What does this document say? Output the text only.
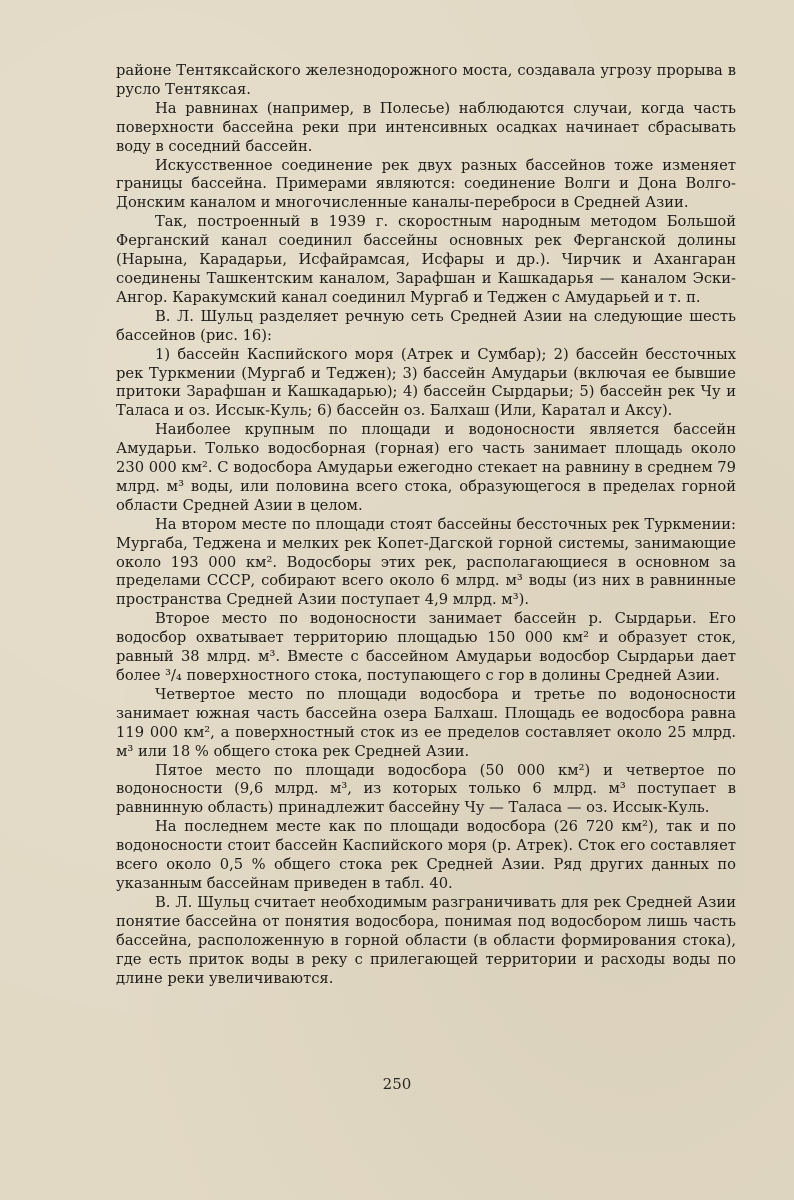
районе Тентяксайского железнодорожного моста, создавала угрозу прорыва в русло Тентяксая.

На равнинах (например, в Полесье) наблюдаются случаи, когда часть поверхности бассейна реки при интенсивных осадках начинает сбрасывать воду в соседний бассейн.

Искусственное соединение рек двух разных бассейнов тоже изменяет границы бассейна. Примерами являются: соединение Волги и Дона Волго-Донским каналом и многочисленные каналы-переброси в Средней Азии.

Так, построенный в 1939 г. скоростным народным методом Большой Ферганский канал соединил бассейны основных рек Ферганской долины (Нарына, Карадарьи, Исфайрамсая, Исфары и др.). Чирчик и Ахангаран соединены Ташкентским каналом, Зарафшан и Кашкадарья — каналом Эски-Ангор. Каракумский канал соединил Мургаб и Теджен с Амударьей и т. п.

В. Л. Шульц разделяет речную сеть Средней Азии на следующие шесть бассейнов (рис. 16):

1) бассейн Каспийского моря (Атрек и Сумбар); 2) бассейн бессточных рек Туркмении (Мургаб и Теджен); 3) бассейн Амударьи (включая ее бывшие притоки Зарафшан и Кашкадарью); 4) бассейн Сырдарьи; 5) бассейн рек Чу и Таласа и оз. Иссык-Куль; 6) бассейн оз. Балхаш (Или, Каратал и Аксу).

Наиболее крупным по площади и водоносности является бассейн Амударьи. Только водосборная (горная) его часть занимает площадь около 230 000 км². С водосбора Амударьи ежегодно стекает на равнину в среднем 79 млрд. м³ воды, или половина всего стока, образующегося в пределах горной области Средней Азии в целом.

На втором месте по площади стоят бассейны бессточных рек Туркмении: Мургаба, Теджена и мелких рек Копет-Дагской горной системы, занимающие около 193 000 км². Водосборы этих рек, располагающиеся в основном за пределами СССР, собирают всего около 6 млрд. м³ воды (из них в равнинные пространства Средней Азии поступает 4,9 млрд. м³).

Второе место по водоносности занимает бассейн р. Сырдарьи. Его водосбор охватывает территорию площадью 150 000 км² и образует сток, равный 38 млрд. м³. Вместе с бассейном Амударьи водосбор Сырдарьи дает более ³/₄ поверхностного стока, поступающего с гор в долины Средней Азии.

Четвертое место по площади водосбора и третье по водоносности занимает южная часть бассейна озера Балхаш. Площадь ее водосбора равна 119 000 км², а поверхностный сток из ее пределов составляет около 25 млрд. м³ или 18 % общего стока рек Средней Азии.

Пятое место по площади водосбора (50 000 км²) и четвертое по водоносности (9,6 млрд. м³, из которых только 6 млрд. м³ поступает в равнинную область) принадлежит бассейну Чу — Таласа — оз. Иссык-Куль.

На последнем месте как по площади водосбора (26 720 км²), так и по водоносности стоит бассейн Каспийского моря (р. Атрек). Сток его составляет всего около 0,5 % общего стока рек Средней Азии. Ряд других данных по указанным бассейнам приведен в табл. 40.

В. Л. Шульц считает необходимым разграничивать для рек Средней Азии понятие бассейна от понятия водосбора, понимая под водосбором лишь часть бассейна, расположенную в горной области (в области формирования стока), где есть приток воды в реку с прилегающей территории и расходы воды по длине реки увеличиваются.

250
